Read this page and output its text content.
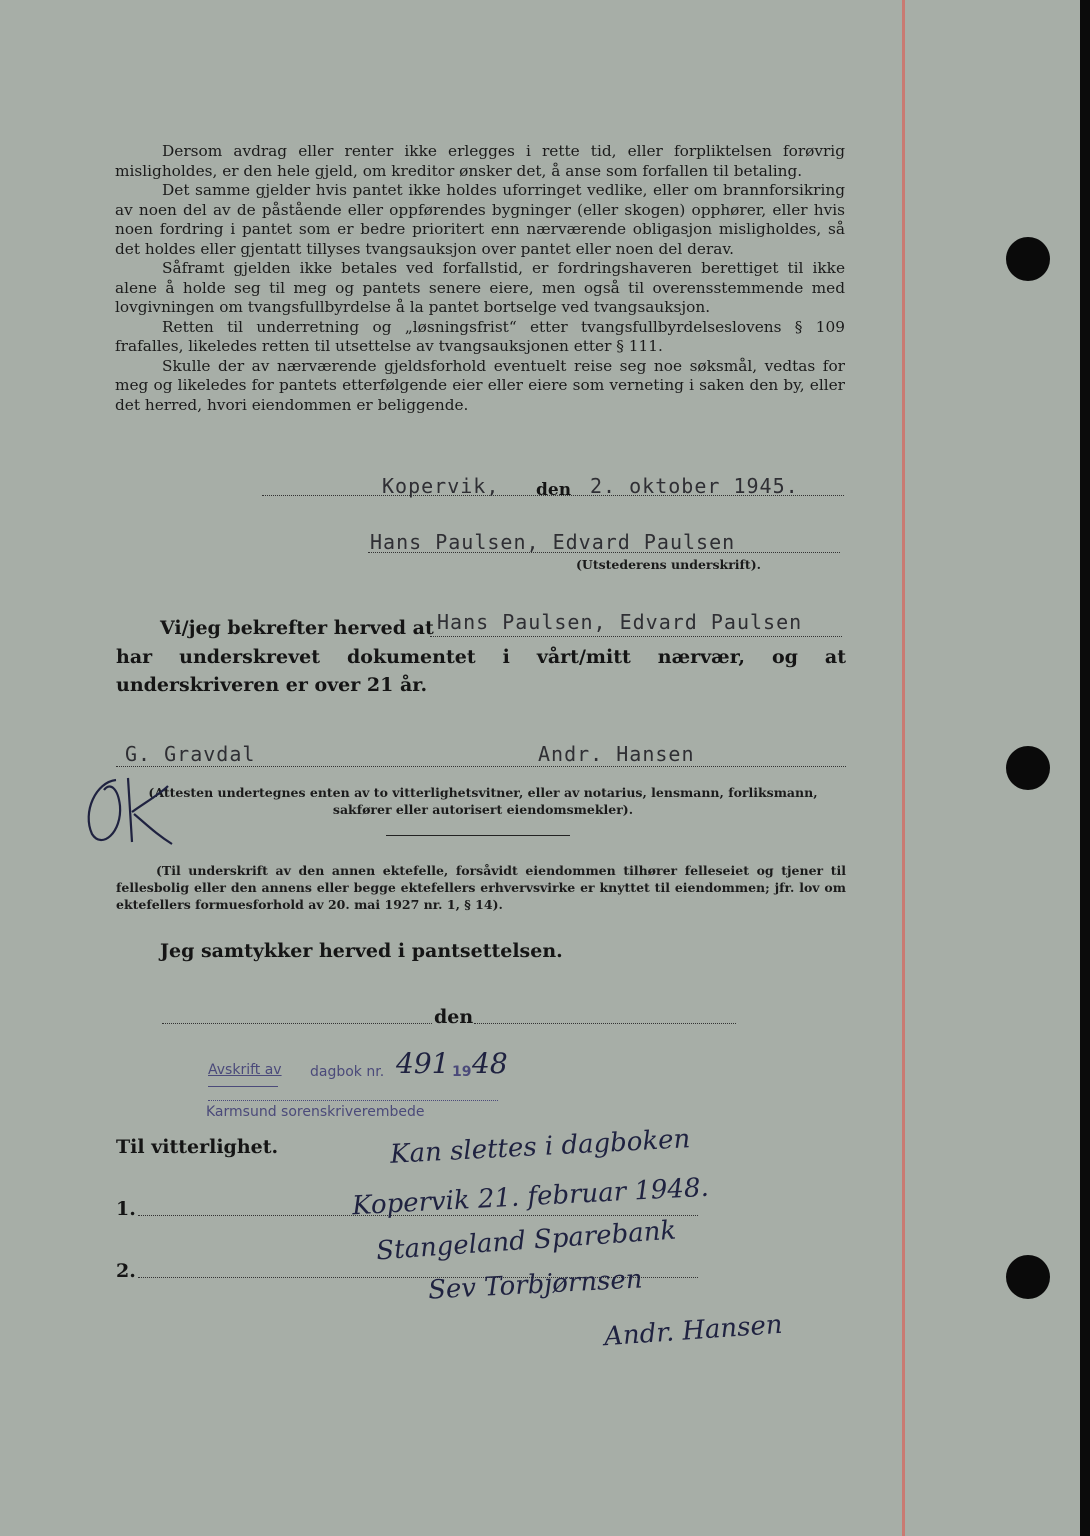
Dersom avdrag eller renter ikke erlegges i rette tid, eller forpliktelsen forøvrig misligholdes, er den hele gjeld, om kreditor ønsker det, å anse som forfallen til betaling.

Det samme gjelder hvis pantet ikke holdes uforringet vedlike, eller om brannforsikring av noen del av de påstående eller oppførendes bygninger (eller skogen) opphører, eller hvis noen fordring i pantet som er bedre prioritert enn nærværende obligasjon misligholdes, så det holdes eller gjentatt tillyses tvangsauksjon over pantet eller noen del derav.

Såframt gjelden ikke betales ved forfallstid, er fordringshaveren berettiget til ikke alene å holde seg til meg og pantets senere eiere, men også til overensstemmende med lovgivningen om tvangsfullbyrdelse å la pantet bortselge ved tvangsauksjon.

Retten til underretning og „løsningsfrist“ etter tvangsfullbyrdelseslovens § 109 frafalles, likeledes retten til utsettelse av tvangsauksjonen etter § 111.

Skulle der av nærværende gjeldsforhold eventuelt reise seg noe søksmål, vedtas for meg og likeledes for pantets etterfølgende eier eller eiere som verneting i saken den by, eller det herred, hvori eiendommen er beliggende.

Kopervik, den 2. oktober 1945.
Hans Paulsen, Edvard Paulsen
(Utstederens underskrift).
Vi/jeg bekrefter herved at Hans Paulsen, Edvard Paulsen
har underskrevet dokumentet i vårt/mitt nærvær, og at underskriveren er over 21 år.
G. Gravdal	Andr. Hansen
(Attesten undertegnes enten av to vitterlighetsvitner, eller av notarius, lensmann, forliksmann, sakfører eller autorisert eiendomsmekler).
(Til underskrift av den annen ektefelle, forsåvidt eiendommen tilhører felleseiet og tjener til fellesbolig eller den annens eller begge ektefellers erhvervsvirke er knyttet til eiendommen; jfr. lov om ektefellers formuesforhold av 20. mai 1927 nr. 1, § 14).
Jeg samtykker herved i pantsettelsen.
den
Avskrift av dagbok nr. 491 19 48
Karmsund sorenskriverembede
Til vitterlighet.
1.
2.
Kan slettes i dagboken
Kopervik 21. februar 1948.
Stangeland Sparebank
Sev Torbjørnsen
Andr. Hansen
